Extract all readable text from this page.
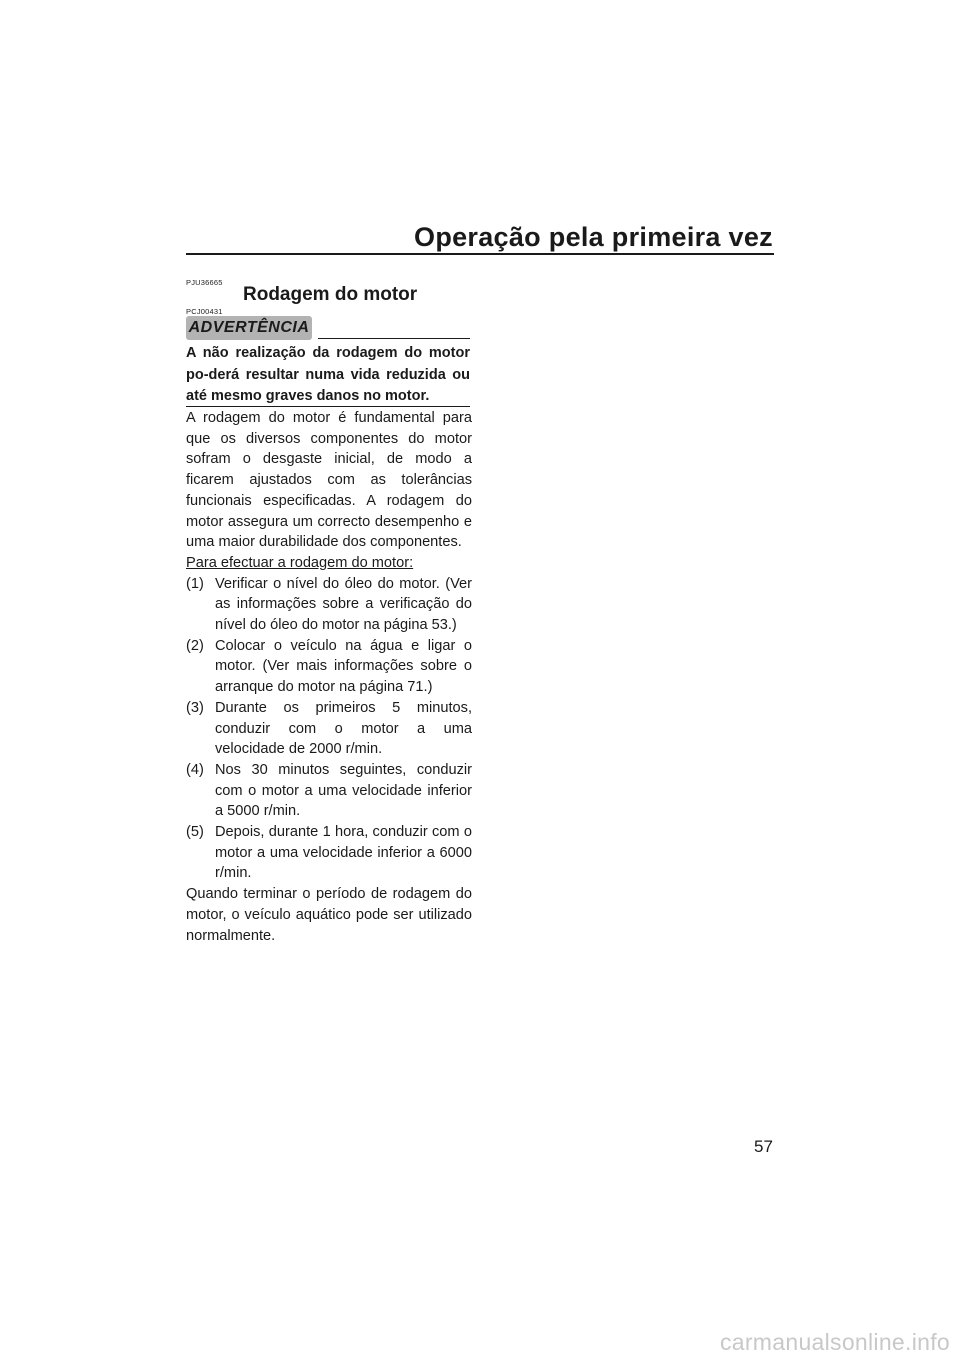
Operação pela primeira vez
PJU36665
Rodagem do motor
PCJ00431
ADVERTÊNCIA
A não realização da rodagem do motor po-derá resultar numa vida reduzida ou até mesmo graves danos no motor.

A rodagem do motor é fundamental para que os diversos componentes do motor sofram o desgaste inicial, de modo a ficarem ajustados com as tolerâncias funcionais especificadas. A rodagem do motor assegura um correcto desempenho e uma maior durabilidade dos componentes.

Para efectuar a rodagem do motor:

(1) Verificar o nível do óleo do motor. (Ver as informações sobre a verificação do nível do óleo do motor na página 53.)
(2) Colocar o veículo na água e ligar o motor. (Ver mais informações sobre o arranque do motor na página 71.)
(3) Durante os primeiros 5 minutos, conduzir com o motor a uma velocidade de 2000 r/min.
(4) Nos 30 minutos seguintes, conduzir com o motor a uma velocidade inferior a 5000 r/min.
(5) Depois, durante 1 hora, conduzir com o motor a uma velocidade inferior a 6000 r/min.

Quando terminar o período de rodagem do motor, o veículo aquático pode ser utilizado normalmente.

57
carmanualsonline.info
